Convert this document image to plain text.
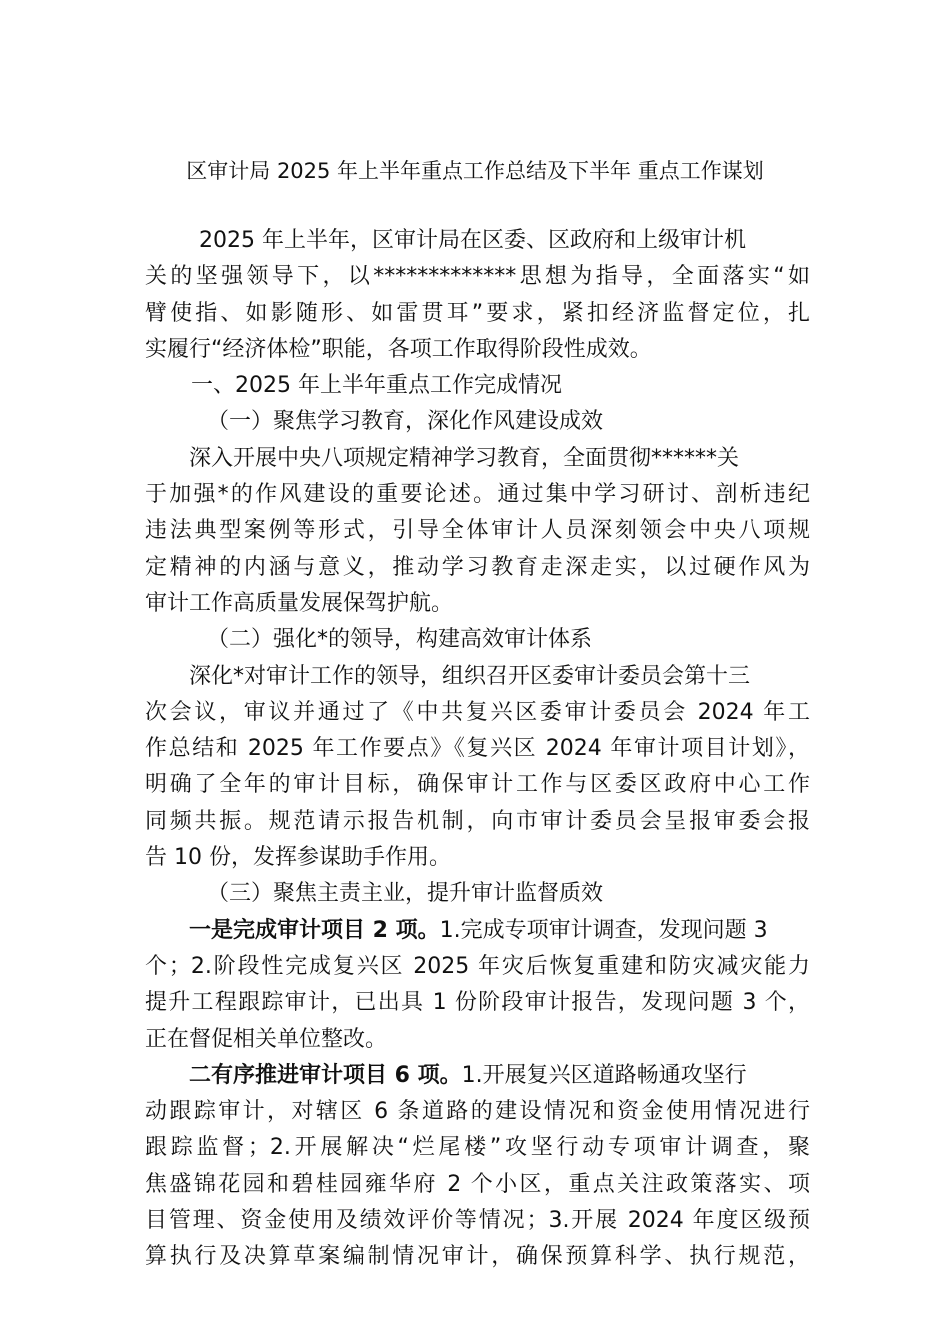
区审计局 2025 年上半年重点工作总结及下半年 重点工作谋划
2025 年上半年，区审计局在区委、区政府和上级审计机
关的坚强领导下，以*************思想为指导，全面落实“如
臂使指、如影随形、如雷贯耳”要求，紧扣经济监督定位，扎
实履行“经济体检”职能，各项工作取得阶段性成效。
一、2025 年上半年重点工作完成情况
（一）聚焦学习教育，深化作风建设成效
深入开展中央八项规定精神学习教育，全面贯彻******关
于加强*的作风建设的重要论述。通过集中学习研讨、剖析违纪
违法典型案例等形式，引导全体审计人员深刻领会中央八项规
定精神的内涵与意义，推动学习教育走深走实，以过硬作风为
审计工作高质量发展保驾护航。
（二）强化*的领导，构建高效审计体系
深化*对审计工作的领导，组织召开区委审计委员会第十三
次会议，审议并通过了《中共复兴区委审计委员会 2024 年工
作总结和 2025 年工作要点》《复兴区 2024 年审计项目计划》，
明确了全年的审计目标，确保审计工作与区委区政府中心工作
同频共振。规范请示报告机制，向市审计委员会呈报审委会报
告 10 份，发挥参谋助手作用。
（三）聚焦主责主业，提升审计监督质效
一是完成审计项目 2 项。1.完成专项审计调查，发现问题 3
个；2.阶段性完成复兴区 2025 年灾后恢复重建和防灾减灾能力
提升工程跟踪审计，已出具 1 份阶段审计报告，发现问题 3 个，
正在督促相关单位整改。
二有序推进审计项目 6 项。1.开展复兴区道路畅通攻坚行
动跟踪审计，对辖区 6 条道路的建设情况和资金使用情况进行
跟踪监督；2.开展解决“烂尾楼”攻坚行动专项审计调查，聚
焦盛锦花园和碧桂园雍华府 2 个小区，重点关注政策落实、项
目管理、资金使用及绩效评价等情况；3.开展 2024 年度区级预
算执行及决算草案编制情况审计，确保预算科学、执行规范，
